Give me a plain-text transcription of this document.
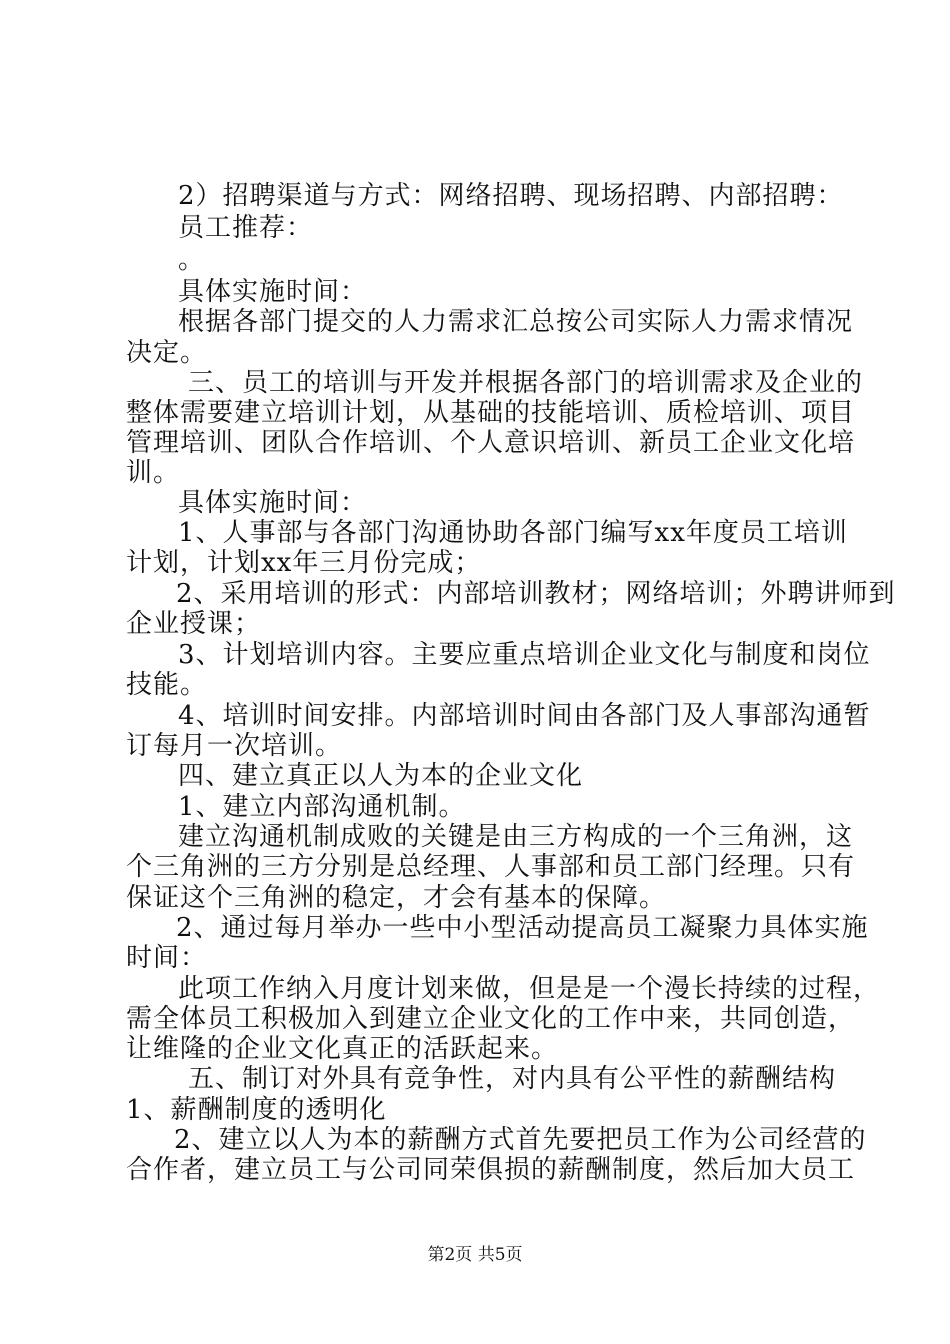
2）招聘渠道与方式：网络招聘、现场招聘、内部招聘：
员工推荐：
。
具体实施时间：
根据各部门提交的人力需求汇总按公司实际人力需求情况
决定。
三、员工的培训与开发并根据各部门的培训需求及企业的
整体需要建立培训计划，从基础的技能培训、质检培训、项目
管理培训、团队合作培训、个人意识培训、新员工企业文化培
训。
具体实施时间：
1、人事部与各部门沟通协助各部门编写xx年度员工培训
计划，计划xx年三月份完成；
2、采用培训的形式：内部培训教材；网络培训；外聘讲师到
企业授课；
3、计划培训内容。主要应重点培训企业文化与制度和岗位
技能。
4、培训时间安排。内部培训时间由各部门及人事部沟通暂
订每月一次培训。
四、建立真正以人为本的企业文化
1、建立内部沟通机制。
建立沟通机制成败的关键是由三方构成的一个三角洲，这
个三角洲的三方分别是总经理、人事部和员工部门经理。只有
保证这个三角洲的稳定，才会有基本的保障。
2、通过每月举办一些中小型活动提高员工凝聚力具体实施
时间：
此项工作纳入月度计划来做，但是是一个漫长持续的过程，
需全体员工积极加入到建立企业文化的工作中来，共同创造，
让维隆的企业文化真正的活跃起来。
五、制订对外具有竞争性，对内具有公平性的薪酬结构
1、薪酬制度的透明化
2、建立以人为本的薪酬方式首先要把员工作为公司经营的
合作者，建立员工与公司同荣俱损的薪酬制度，然后加大员工
第2页 共5页
